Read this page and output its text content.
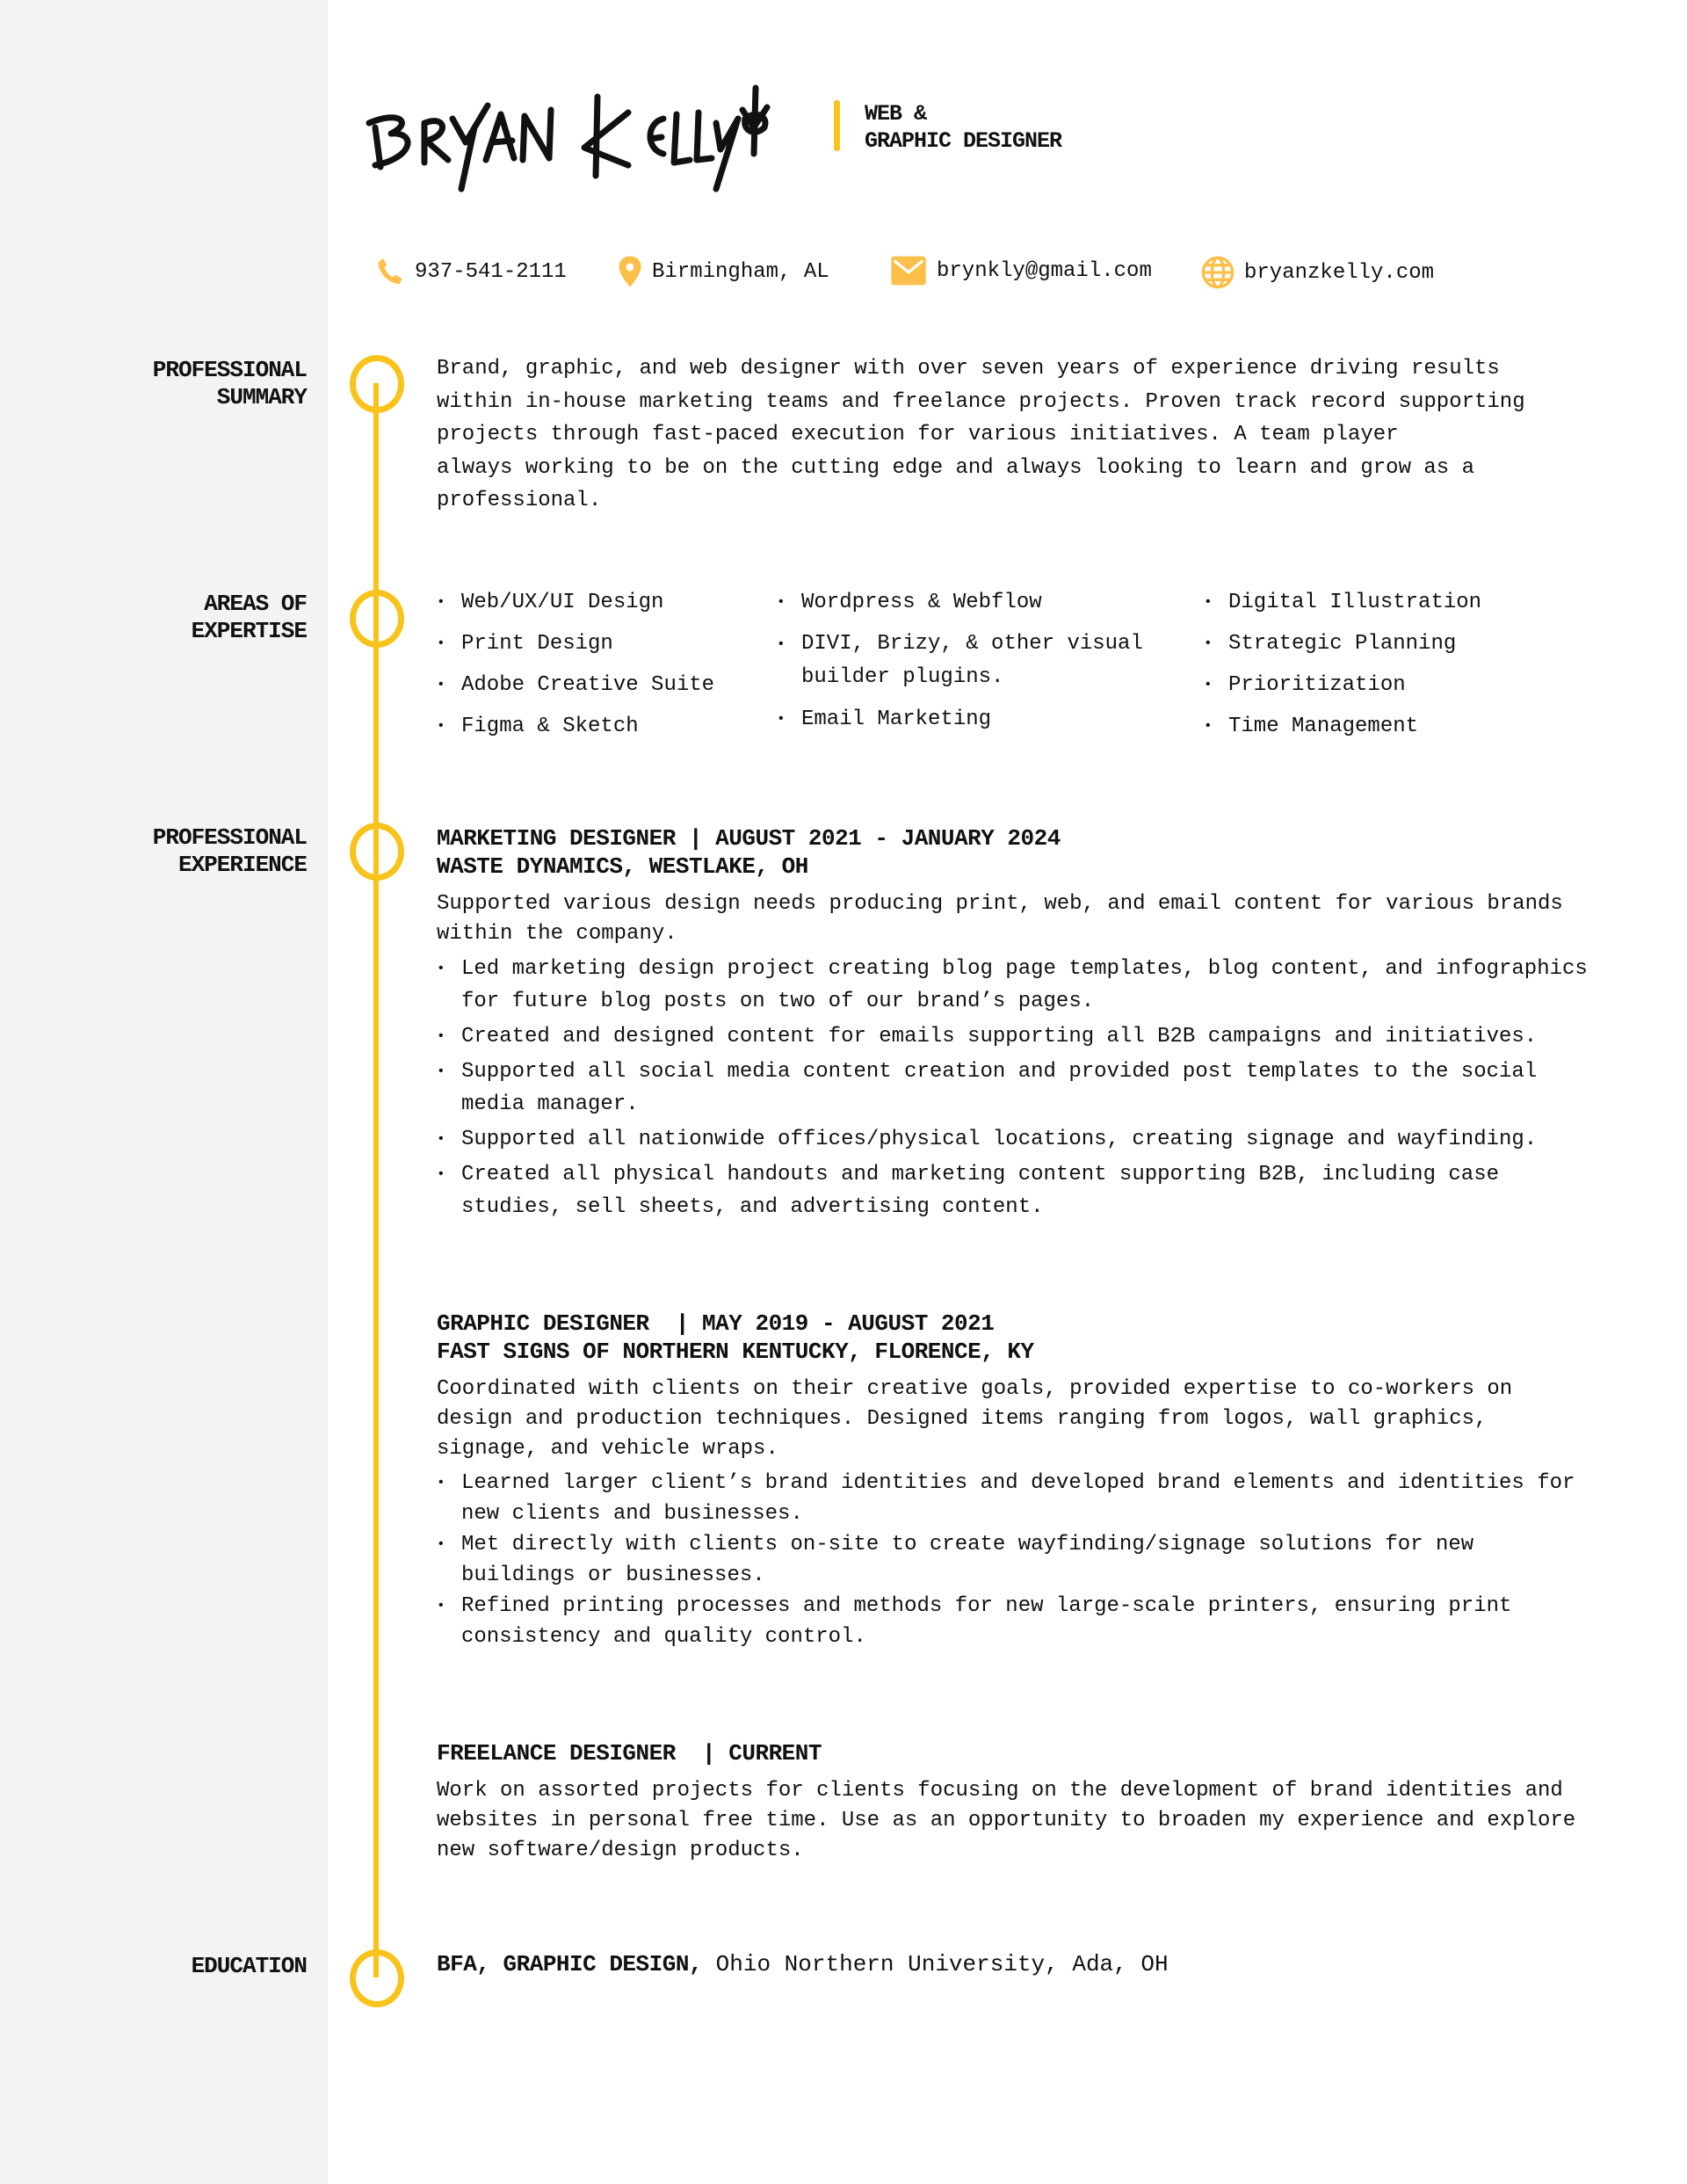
WEB &
GRAPHIC DESIGNER
937-541-2111	Birmingham, AL	brynkly@gmail.com	bryanzkelly.com
PROFESSIONAL
SUMMARY
Brand, graphic, and web designer with over seven years of experience driving results
within in-house marketing teams and freelance projects. Proven track record supporting
projects through fast-paced execution for various initiatives. A team player
always working to be on the cutting edge and always looking to learn and grow as a
professional.
AREAS OF
EXPERTISE
• Web/UX/UI Design
• Print Design
• Adobe Creative Suite
• Figma & Sketch
• Wordpress & Webflow
• DIVI, Brizy, & other visual builder plugins.
• Email Marketing
• Digital Illustration
• Strategic Planning
• Prioritization
• Time Management
PROFESSIONAL
EXPERIENCE
MARKETING DESIGNER | AUGUST 2021 - JANUARY 2024
WASTE DYNAMICS, WESTLAKE, OH
Supported various design needs producing print, web, and email content for various brands within the company.
• Led marketing design project creating blog page templates, blog content, and infographics for future blog posts on two of our brand’s pages.
• Created and designed content for emails supporting all B2B campaigns and initiatives.
• Supported all social media content creation and provided post templates to the social media manager.
• Supported all nationwide offices/physical locations, creating signage and wayfinding.
• Created all physical handouts and marketing content supporting B2B, including case studies, sell sheets, and advertising content.
GRAPHIC DESIGNER  | MAY 2019 - AUGUST 2021
FAST SIGNS OF NORTHERN KENTUCKY, FLORENCE, KY
Coordinated with clients on their creative goals, provided expertise to co-workers on design and production techniques. Designed items ranging from logos, wall graphics, signage, and vehicle wraps.
• Learned larger client’s brand identities and developed brand elements and identities for new clients and businesses.
• Met directly with clients on-site to create wayfinding/signage solutions for new buildings or businesses.
• Refined printing processes and methods for new large-scale printers, ensuring print consistency and quality control.
FREELANCE DESIGNER  | CURRENT
Work on assorted projects for clients focusing on the development of brand identities and websites in personal free time. Use as an opportunity to broaden my experience and explore new software/design products.
EDUCATION	BFA, GRAPHIC DESIGN, Ohio Northern University, Ada, OH
